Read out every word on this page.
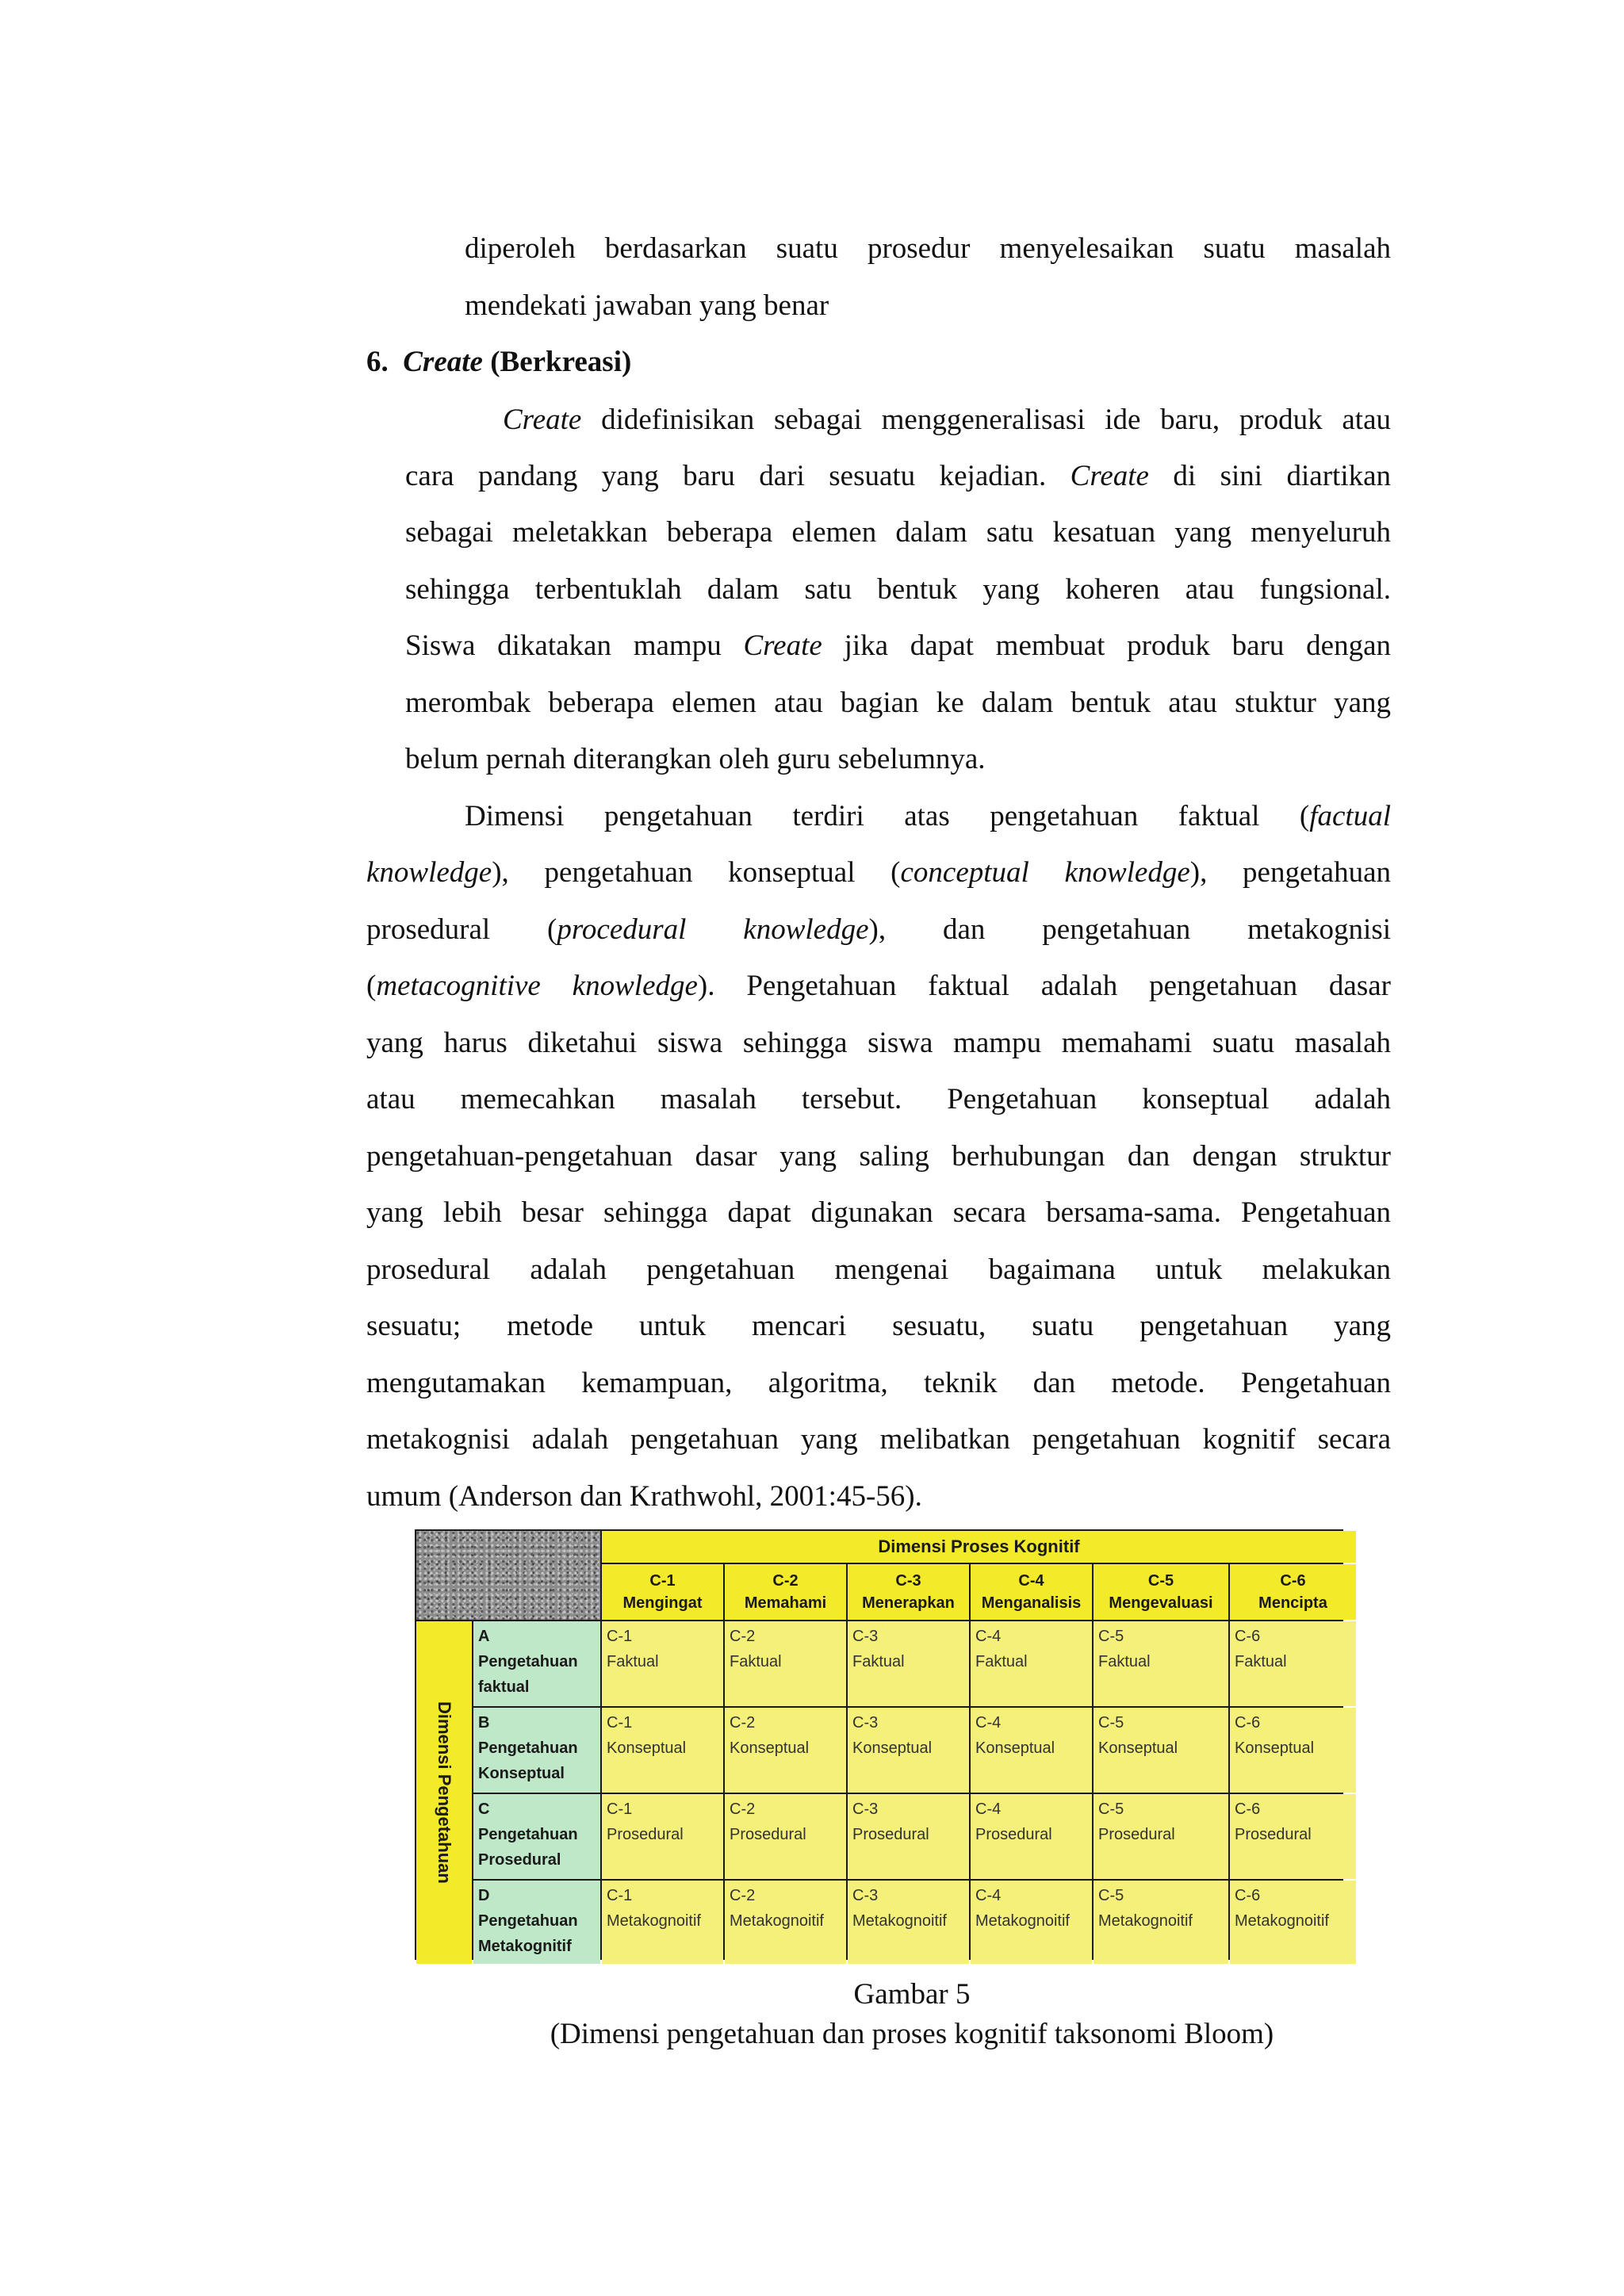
diperoleh berdasarkan suatu prosedur menyelesaikan suatu masalah
mendekati jawaban yang benar
6. Create (Berkreasi)
Create didefinisikan sebagai menggeneralisasi ide baru, produk atau
cara pandang yang baru dari sesuatu kejadian. Create di sini diartikan
sebagai meletakkan beberapa elemen dalam satu kesatuan yang menyeluruh
sehingga terbentuklah dalam satu bentuk yang koheren atau fungsional.
Siswa dikatakan mampu Create jika dapat membuat produk baru dengan
merombak beberapa elemen atau bagian ke dalam bentuk atau stuktur yang
belum pernah diterangkan oleh guru sebelumnya.
Dimensi pengetahuan terdiri atas pengetahuan faktual (factual
knowledge), pengetahuan konseptual (conceptual knowledge), pengetahuan
prosedural (procedural knowledge), dan pengetahuan metakognisi
(metacognitive knowledge). Pengetahuan faktual adalah pengetahuan dasar
yang harus diketahui siswa sehingga siswa mampu memahami suatu masalah
atau memecahkan masalah tersebut. Pengetahuan konseptual adalah
pengetahuan-pengetahuan dasar yang saling berhubungan dan dengan struktur
yang lebih besar sehingga dapat digunakan secara bersama-sama. Pengetahuan
prosedural adalah pengetahuan mengenai bagaimana untuk melakukan
sesuatu; metode untuk mencari sesuatu, suatu pengetahuan yang
mengutamakan kemampuan, algoritma, teknik dan metode. Pengetahuan
metakognisi adalah pengetahuan yang melibatkan pengetahuan kognitif secara
umum (Anderson dan Krathwohl, 2001:45-56).
Dimensi Proses Kognitif
C-1
Mengingat
C-2
Memahami
C-3
Menerapkan
C-4
Menganalisis
C-5
Mengevaluasi
C-6
Mencipta
Dimensi Pengetahuan
A
Pengetahuan
faktual
C-1
Faktual
C-2
Faktual
C-3
Faktual
C-4
Faktual
C-5
Faktual
C-6
Faktual
B
Pengetahuan
Konseptual
C-1
Konseptual
C-2
Konseptual
C-3
Konseptual
C-4
Konseptual
C-5
Konseptual
C-6
Konseptual
C
Pengetahuan
Prosedural
C-1
Prosedural
C-2
Prosedural
C-3
Prosedural
C-4
Prosedural
C-5
Prosedural
C-6
Prosedural
D
Pengetahuan
Metakognitif
C-1
Metakognoitif
C-2
Metakognoitif
C-3
Metakognoitif
C-4
Metakognoitif
C-5
Metakognoitif
C-6
Metakognoitif
Gambar 5
(Dimensi pengetahuan dan proses kognitif taksonomi Bloom)
